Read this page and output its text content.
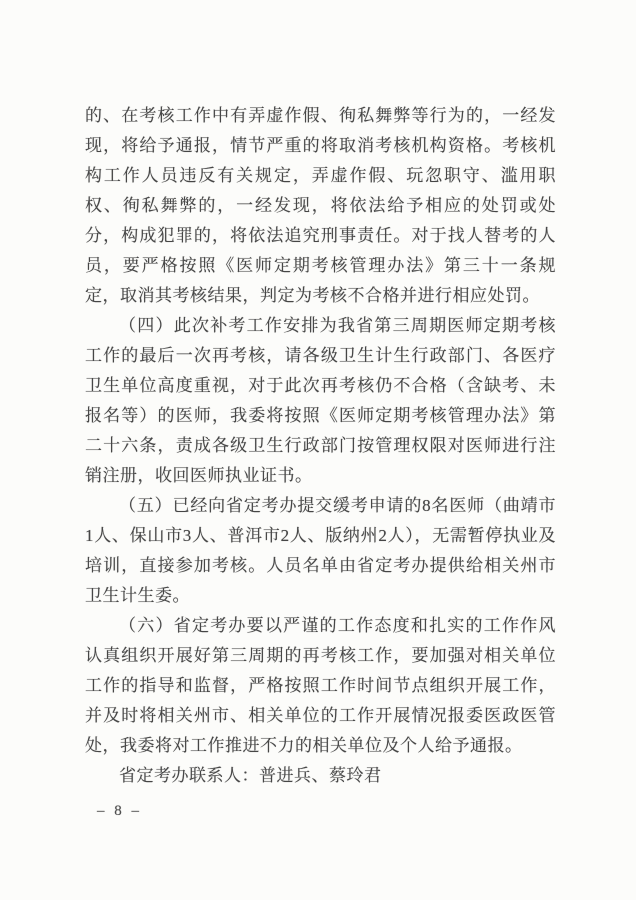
的、在考核工作中有弄虚作假、徇私舞弊等行为的，一经发现，将给予通报，情节严重的将取消考核机构资格。考核机构工作人员违反有关规定，弄虚作假、玩忽职守、滥用职权、徇私舞弊的，一经发现，将依法给予相应的处罚或处分，构成犯罪的，将依法追究刑事责任。对于找人替考的人员，要严格按照《医师定期考核管理办法》第三十一条规定，取消其考核结果，判定为考核不合格并进行相应处罚。

（四）此次补考工作安排为我省第三周期医师定期考核工作的最后一次再考核，请各级卫生计生行政部门、各医疗卫生单位高度重视，对于此次再考核仍不合格（含缺考、未报名等）的医师，我委将按照《医师定期考核管理办法》第二十六条，责成各级卫生行政部门按管理权限对医师进行注销注册，收回医师执业证书。

（五）已经向省定考办提交缓考申请的8名医师（曲靖市1人、保山市3人、普洱市2人、版纳州2人），无需暂停执业及培训，直接参加考核。人员名单由省定考办提供给相关州市卫生计生委。

（六）省定考办要以严谨的工作态度和扎实的工作作风认真组织开展好第三周期的再考核工作，要加强对相关单位工作的指导和监督，严格按照工作时间节点组织开展工作，并及时将相关州市、相关单位的工作开展情况报委医政医管处，我委将对工作推进不力的相关单位及个人给予通报。

省定考办联系人：普进兵、蔡玲君

– 8 –
